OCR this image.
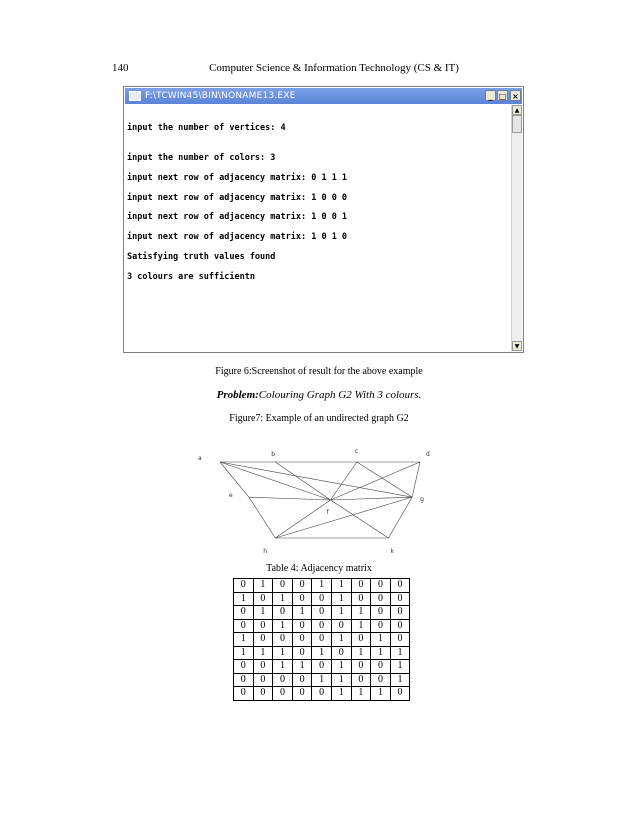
140	Computer Science & Information Technology (CS & IT)
F:\TCWIN45\BIN\NONAME13.EXE	_ □ ×
input the number of vertices: 4
input the number of colors: 3
input next row of adjacency matrix: 0 1 1 1
input next row of adjacency matrix: 1 0 0 0
input next row of adjacency matrix: 1 0 0 1
input next row of adjacency matrix: 1 0 1 0
Satisfying truth values found
3 colours are sufficientn
▲
▼
Figure 6:Screenshot of result for the above example
Problem:Colouring Graph G2 With 3 colours.
Figure7: Example of an undirected graph G2
a
b	c	d
e
f
g
h	k
Table 4: Adjacency matrix
0	1	0	0	1	1	0	0	0
1	0	1	0	0	1	0	0	0
0	1	0	1	0	1	1	0	0
0	0	1	0	0	0	1	0	0
1	0	0	0	0	1	0	1	0
1	1	1	0	1	0	1	1	1
0	0	1	1	0	1	0	0	1
0	0	0	0	1	1	0	0	1
0	0	0	0	0	1	1	1	0
